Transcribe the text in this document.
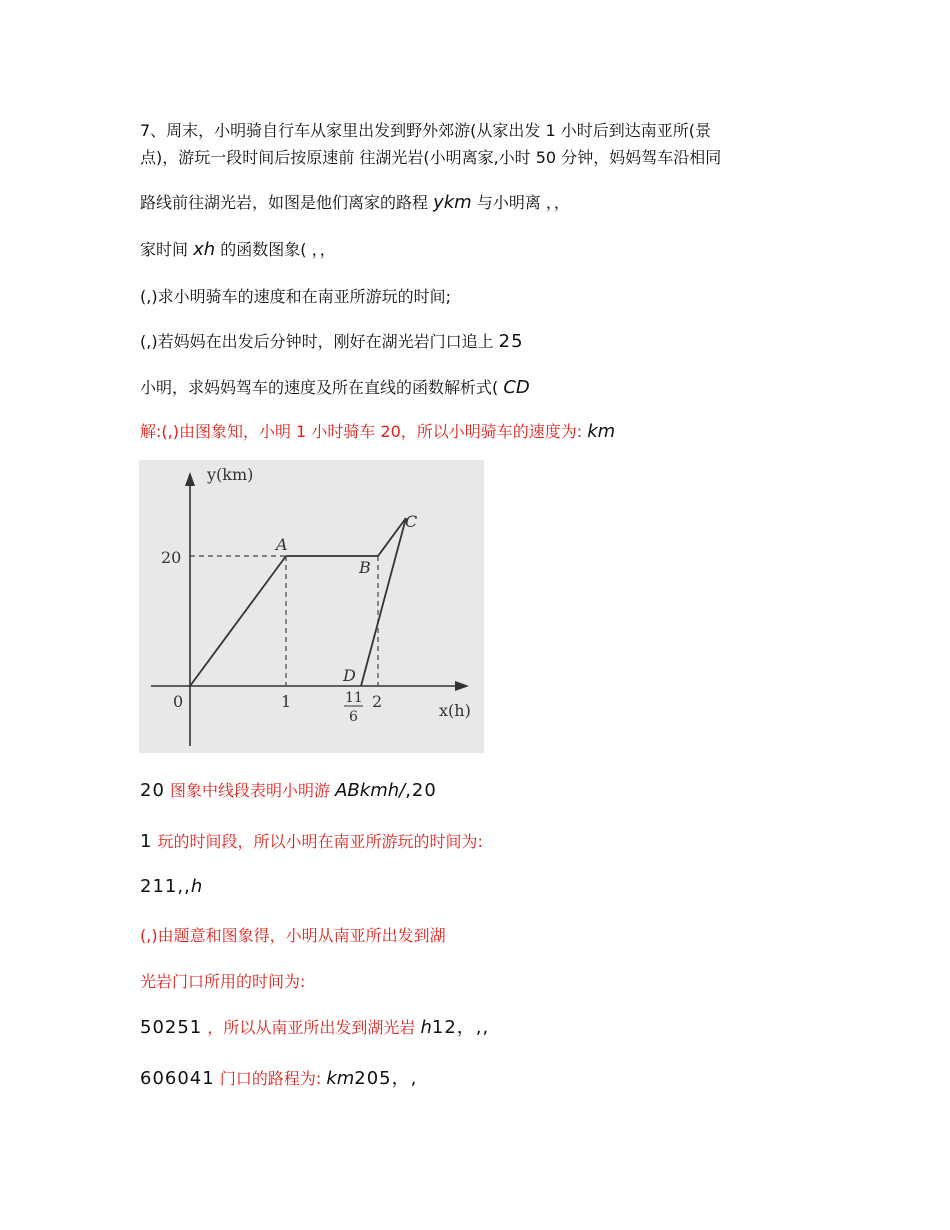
7、周末，小明骑自行车从家里出发到野外郊游(从家出发 1 小时后到达南亚所(景
点)，游玩一段时间后按原速前 往湖光岩(小明离家,小时 50 分钟，妈妈驾车沿相同
路线前往湖光岩，如图是他们离家的路程 ykm 与小明离 ，，
家时间 xh 的函数图象( ，，
(,)求小明骑车的速度和在南亚所游玩的时间;
(,)若妈妈在出发后分钟时，刚好在湖光岩门口追上 25
小明，求妈妈驾车的速度及所在直线的函数解析式( CD
解:(,)由图象知，小明 1 小时骑车 20，所以小明骑车的速度为: km
y(km)
x(h)
20
0	1	11
6
2
A
B
C
D
20 图象中线段表明小明游 ABkmh/,20
1 玩的时间段，所以小明在南亚所游玩的时间为:
211,,h
(,)由题意和图象得，小明从南亚所出发到湖
光岩门口所用的时间为:
50251 ，所以从南亚所出发到湖光岩 h12，,,
606041 门口的路程为: km205，,
